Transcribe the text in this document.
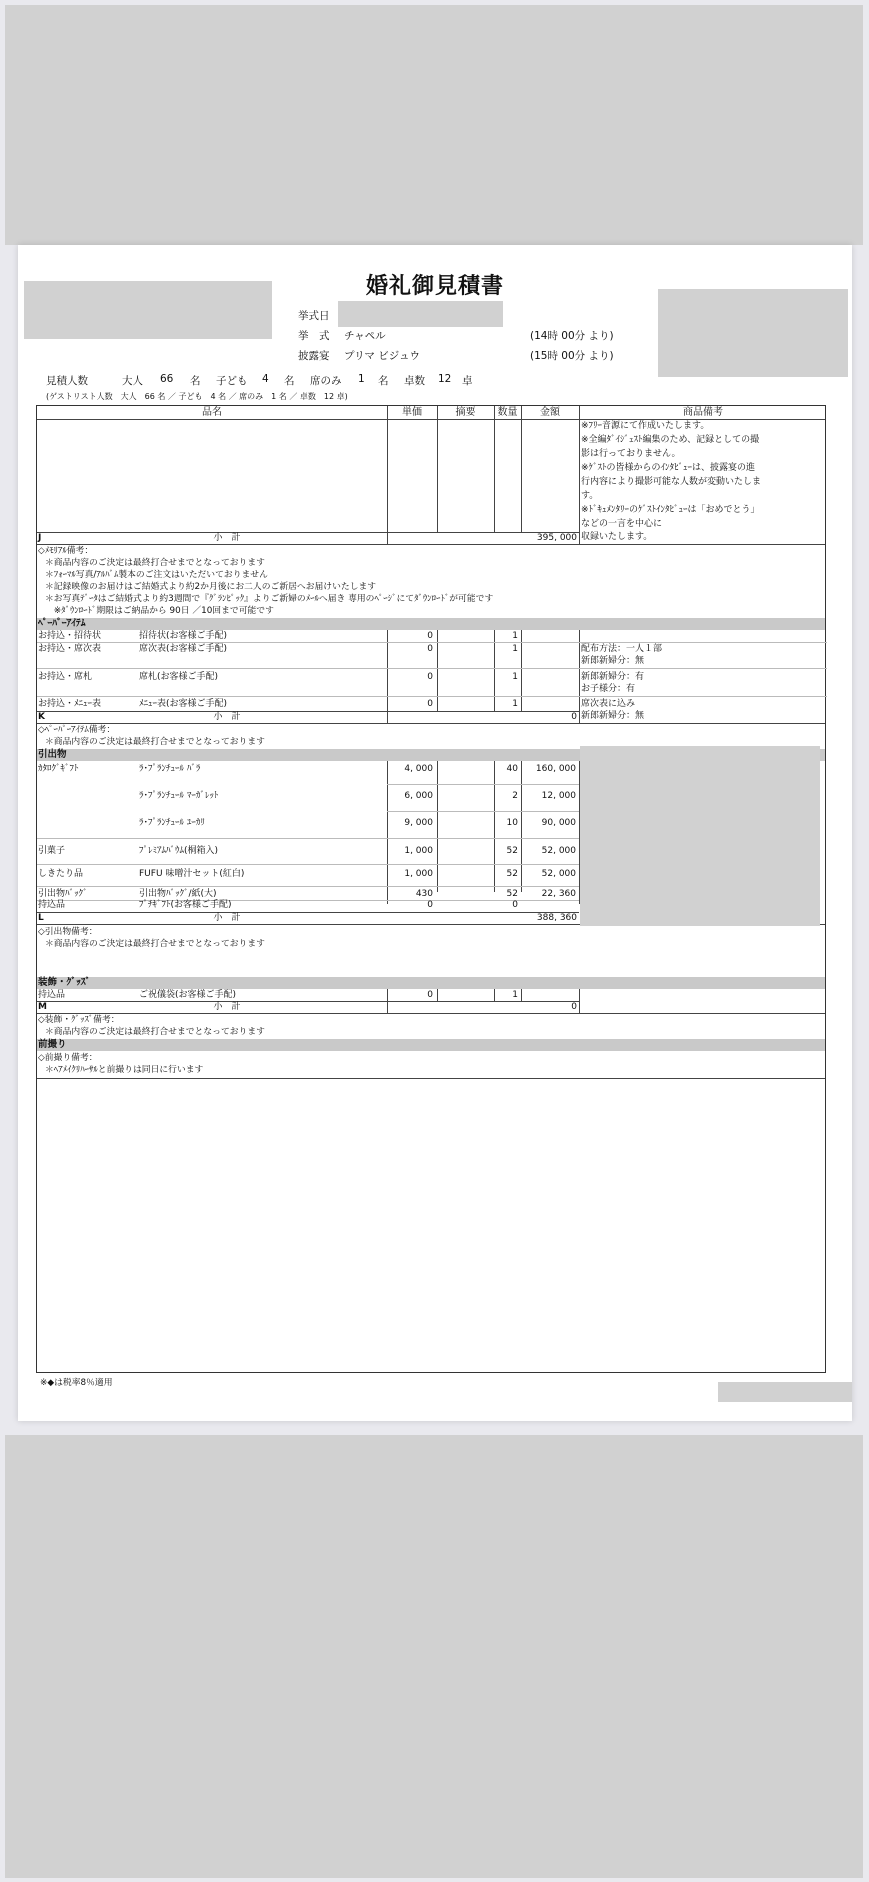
婚礼御見積書
挙式日
挙　式 チャペル	(14時 00分 より)
披露宴 プリマ ビジュウ	(15時 00分 より)
見積人数	大人 66 名 子ども 4 名 席のみ 1 名 卓数 12 卓
(ゲストリスト人数　大人　66 名 ／ 子ども　4 名 ／ 席のみ　1 名 ／ 卓数　12 卓)
品名	単価	摘要	数量	金額	商品備考
※ﾌﾘｰ音源にて作成いたします。
※全編ﾀﾞｲｼﾞｪｽﾄ編集のため、記録としての撮
影は行っておりません。
※ｹﾞｽﾄの皆様からのｲﾝﾀﾋﾞｭｰは、披露宴の進
行内容により撮影可能な人数が変動いたしま
す。
※ﾄﾞｷｭﾒﾝﾀﾘｰのｹﾞｽﾄｲﾝﾀﾋﾞｭｰは「おめでとう」
などの一言を中心に
収録いたします。
J	小　計	395, 000
◇ﾒﾓﾘｱﾙ備考：
＊商品内容のご決定は最終打合せまでとなっております
＊ﾌｫｰﾏﾙ写真/ｱﾙﾊﾞﾑ製本のご注文はいただいておりません
＊記録映像のお届けはご結婚式より約2か月後にお二人のご新居へお届けいたします
＊お写真ﾃﾞｰﾀはご結婚式より約3週間で『ｸﾞﾗﾝﾋﾟｯｸ』よりご新婦のﾒｰﾙへ届き 専用のﾍﾟｰｼﾞにてﾀﾞｳﾝﾛｰﾄﾞが可能です
　※ﾀﾞｳﾝﾛｰﾄﾞ期限はご納品から 90日 ／10回まで可能です
ﾍﾟｰﾊﾟｰｱｲﾃﾑ
お持込・招待状	招待状(お客様ご手配)	0	1
お持込・席次表	席次表(お客様ご手配)	0	1	配布方法：一人１部
新郎新婦分：無
お持込・席札	席札(お客様ご手配)	0	1	新郎新婦分：有
お子様分：有
お持込・ﾒﾆｭｰ表	ﾒﾆｭｰ表(お客様ご手配)	0	1	席次表に込み
新郎新婦分：無
K	小　計	0
◇ﾍﾟｰﾊﾟｰｱｲﾃﾑ備考：
＊商品内容のご決定は最終打合せまでとなっております
引出物
ｶﾀﾛｸﾞｷﾞﾌﾄ	ﾗ･ﾌﾟﾗﾝﾁｭｰﾙ ﾊﾞﾗ	4, 000	40	160, 000
ﾗ･ﾌﾟﾗﾝﾁｭｰﾙ ﾏｰｶﾞﾚｯﾄ	6, 000	2	12, 000
ﾗ･ﾌﾟﾗﾝﾁｭｰﾙ ﾕｰｶﾘ	9, 000	10	90, 000
引菓子	ﾌﾟﾚﾐｱﾑﾊﾞｳﾑ(桐箱入)	1, 000	52	52, 000
しきたり品	FUFU 味噌汁セット(紅白)	1, 000	52	52, 000
引出物ﾊﾞｯｸﾞ	引出物ﾊﾞｯｸﾞ/紙(大)	430	52	22, 360
持込品	ﾌﾟﾁｷﾞﾌﾄ(お客様ご手配)	0	0
L	小　計	388, 360
◇引出物備考：
＊商品内容のご決定は最終打合せまでとなっております
装飾・ｸﾞｯｽﾞ
持込品	ご祝儀袋(お客様ご手配)	0	1
M	小　計	0
◇装飾・ｸﾞｯｽﾞ備考：
＊商品内容のご決定は最終打合せまでとなっております
前撮り
◇前撮り備考：
＊ﾍｱﾒｲｸﾘﾊｰｻﾙと前撮りは同日に行います
※◆は税率8％適用
